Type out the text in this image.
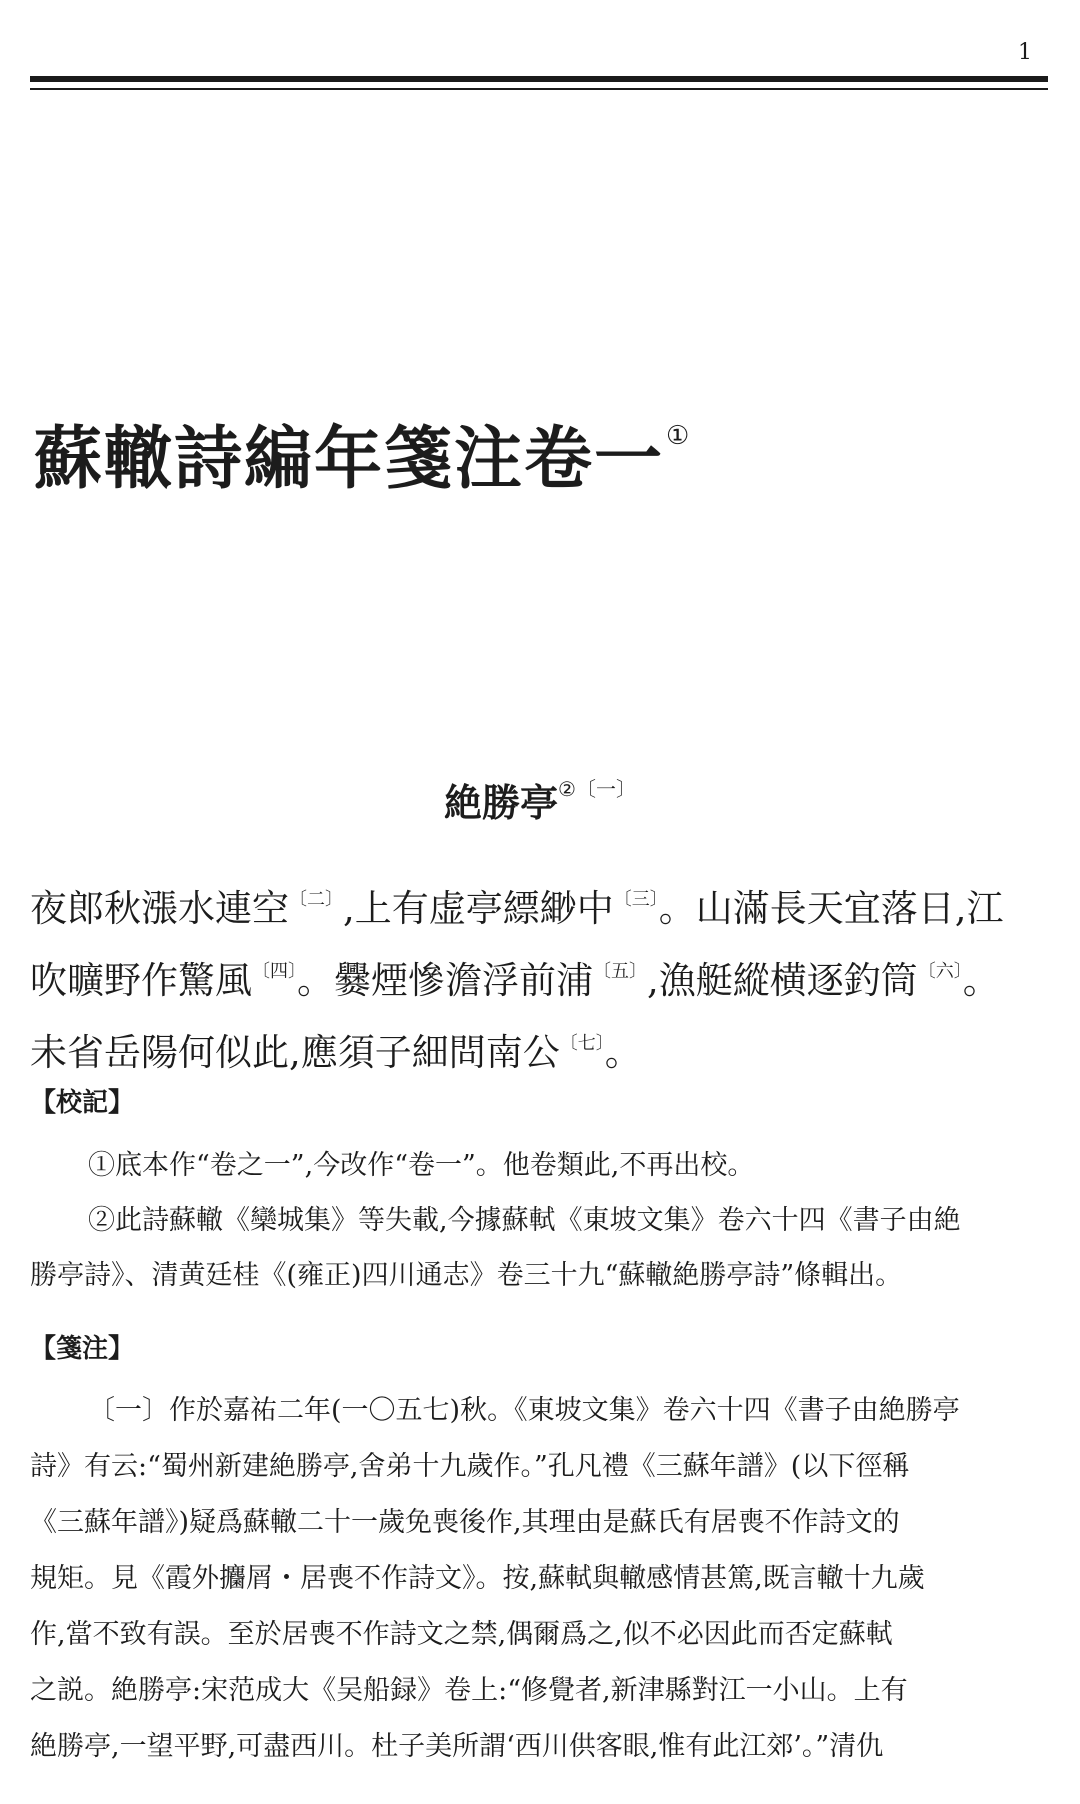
1
蘇轍詩編年箋注卷一①
絶勝亭$^{②〔一〕}$

夜郎秋漲水連空$^{〔二〕}$,上有虚亭縹緲中$^{〔三〕}$。山滿長天宜落日,江

吹曠野作驚風$^{〔四〕}$。爨煙慘澹浮前浦$^{〔五〕}$,漁艇縱横逐釣筒$^{〔六〕}$。

未省岳陽何似此,應須子細問南公$^{〔七〕}$。

【校記】

①底本作“卷之一”,今改作“卷一”。他卷類此,不再出校。

②此詩蘇轍《欒城集》等失載,今據蘇軾《東坡文集》卷六十四《書子由絶

勝亭詩》、清黄廷桂《(雍正)四川通志》卷三十九“蘇轍絶勝亭詩”條輯出。

【箋注】

〔一〕作於嘉祐二年(一〇五七)秋。《東坡文集》卷六十四《書子由絶勝亭

詩》有云:“蜀州新建絶勝亭,舍弟十九歲作。”孔凡禮《三蘇年譜》(以下徑稱

《三蘇年譜》)疑爲蘇轍二十一歲免喪後作,其理由是蘇氏有居喪不作詩文的

規矩。見《霞外攟屑・居喪不作詩文》。按,蘇軾與轍感情甚篤,既言轍十九歲

作,當不致有誤。至於居喪不作詩文之禁,偶爾爲之,似不必因此而否定蘇軾

之説。絶勝亭:宋范成大《吴船録》卷上:“修覺者,新津縣對江一小山。上有

絶勝亭,一望平野,可盡西川。杜子美所謂‘西川供客眼,惟有此江郊’。”清仇
